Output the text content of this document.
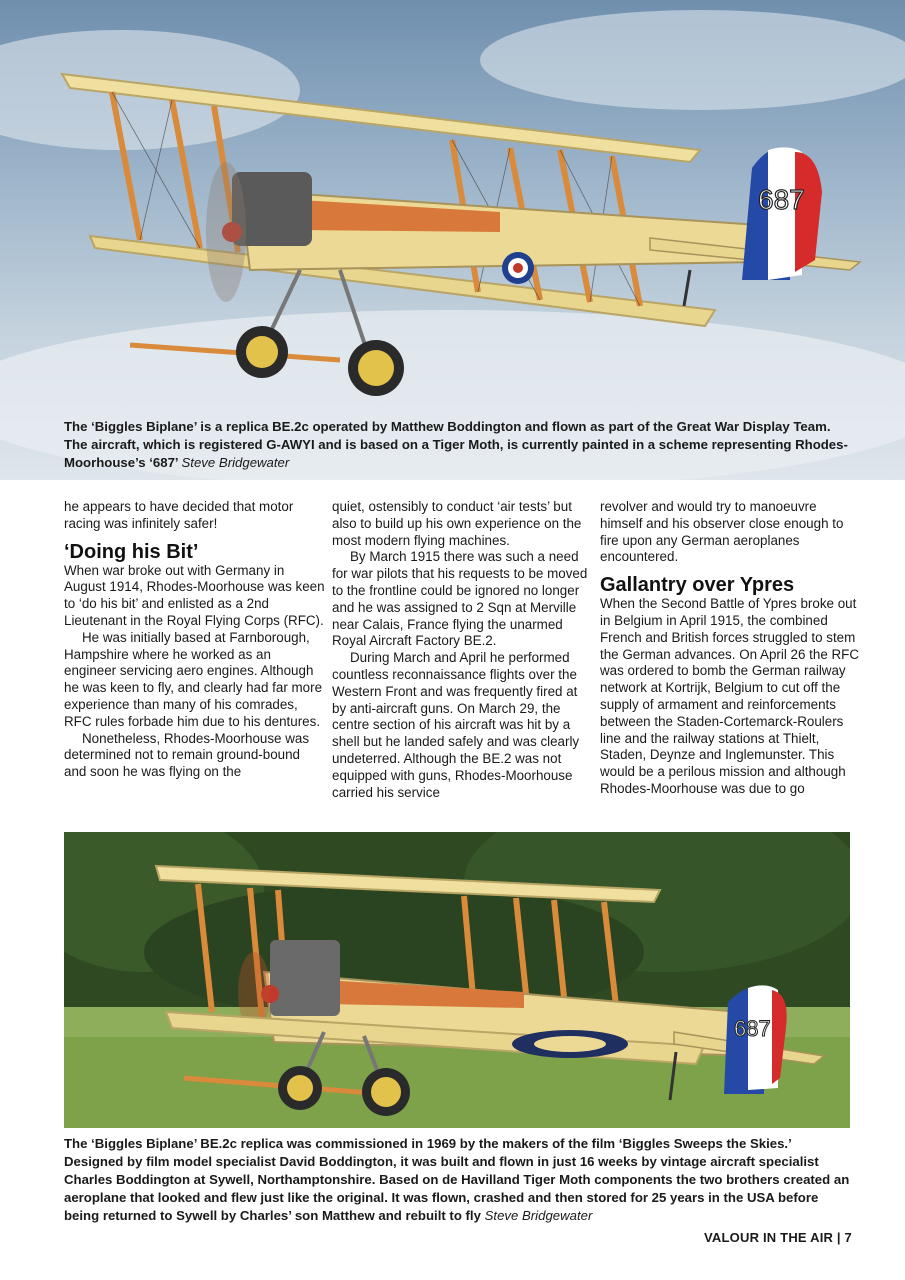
687
The ‘Biggles Biplane’ is a replica BE.2c operated by Matthew Boddington and flown as part of the Great War Display Team. The aircraft, which is registered G-AWYI and is based on a Tiger Moth, is currently painted in a scheme representing Rhodes-Moorhouse’s ‘687’ Steve Bridgewater

he appears to have decided that motor racing was infinitely safer!

‘Doing his Bit’

When war broke out with Germany in August 1914, Rhodes-Moorhouse was keen to ‘do his bit’ and enlisted as a 2nd Lieutenant in the Royal Flying Corps (RFC).

He was initially based at Farnborough, Hampshire where he worked as an engineer servicing aero engines. Although he was keen to fly, and clearly had far more experience than many of his comrades, RFC rules forbade him due to his dentures.

Nonetheless, Rhodes-Moorhouse was determined not to remain ground-bound and soon he was flying on the

quiet, ostensibly to conduct ‘air tests’ but also to build up his own experience on the most modern flying machines.

By March 1915 there was such a need for war pilots that his requests to be moved to the frontline could be ignored no longer and he was assigned to 2 Sqn at Merville near Calais, France flying the unarmed Royal Aircraft Factory BE.2.

During March and April he performed countless reconnaissance flights over the Western Front and was frequently fired at by anti-aircraft guns. On March 29, the centre section of his aircraft was hit by a shell but he landed safely and was clearly undeterred. Although the BE.2 was not equipped with guns, Rhodes-Moorhouse carried his service

revolver and would try to manoeuvre himself and his observer close enough to fire upon any German aeroplanes encountered.

Gallantry over Ypres

When the Second Battle of Ypres broke out in Belgium in April 1915, the combined French and British forces struggled to stem the German advances. On April 26 the RFC was ordered to bomb the German railway network at Kortrijk, Belgium to cut off the supply of armament and reinforcements between the Staden-Cortemarck-Roulers line and the railway stations at Thielt, Staden, Deynze and Inglemunster. This would be a perilous mission and although Rhodes-Moorhouse was due to go

687
The ‘Biggles Biplane’ BE.2c replica was commissioned in 1969 by the makers of the film ‘Biggles Sweeps the Skies.’ Designed by film model specialist David Boddington, it was built and flown in just 16 weeks by vintage aircraft specialist Charles Boddington at Sywell, Northamptonshire. Based on de Havilland Tiger Moth components the two brothers created an aeroplane that looked and flew just like the original. It was flown, crashed and then stored for 25 years in the USA before being returned to Sywell by Charles’ son Matthew and rebuilt to fly Steve Bridgewater
VALOUR IN THE AIR | 7
